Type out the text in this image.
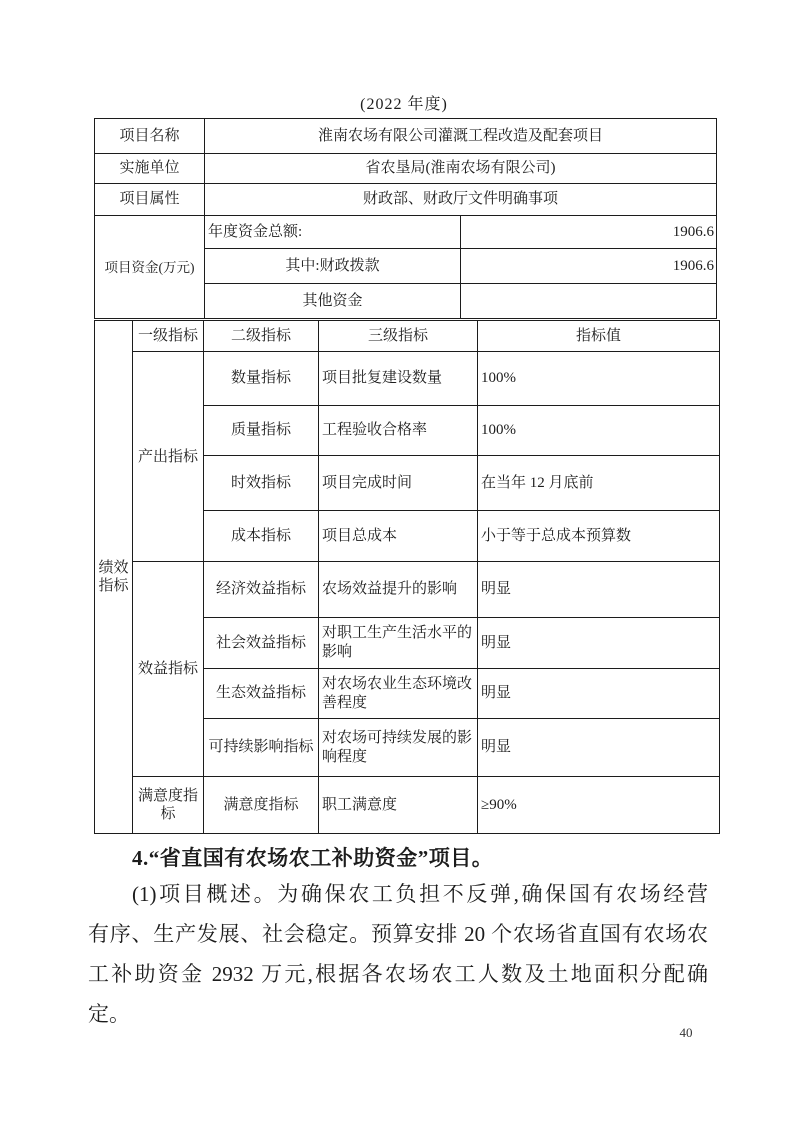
(2022 年度)
项目名称	淮南农场有限公司灌溉工程改造及配套项目	
实施单位	省农垦局(淮南农场有限公司)	
项目属性	财政部、财政厅文件明确事项	
项目资金(万元)	年度资金总额:	1906.6
	其中:财政拨款	1906.6
	其他资金	
绩效指标	一级指标	二级指标	三级指标	指标值
	产出指标	数量指标	项目批复建设数量	100%
		质量指标	工程验收合格率	100%
		时效指标	项目完成时间	在当年 12 月底前
		成本指标	项目总成本	小于等于总成本预算数
	效益指标	经济效益指标	农场效益提升的影响	明显
		社会效益指标	对职工生产生活水平的影响	明显
		生态效益指标	对农场农业生态环境改善程度	明显
		可持续影响指标	对农场可持续发展的影响程度	明显
	满意度指标	满意度指标	职工满意度	≥90%
4.“省直国有农场农工补助资金”项目。
(1)项目概述。为确保农工负担不反弹,确保国有农场经营
有序、生产发展、社会稳定。预算安排 20 个农场省直国有农场农
工补助资金 2932 万元,根据各农场农工人数及土地面积分配确
定。
40
